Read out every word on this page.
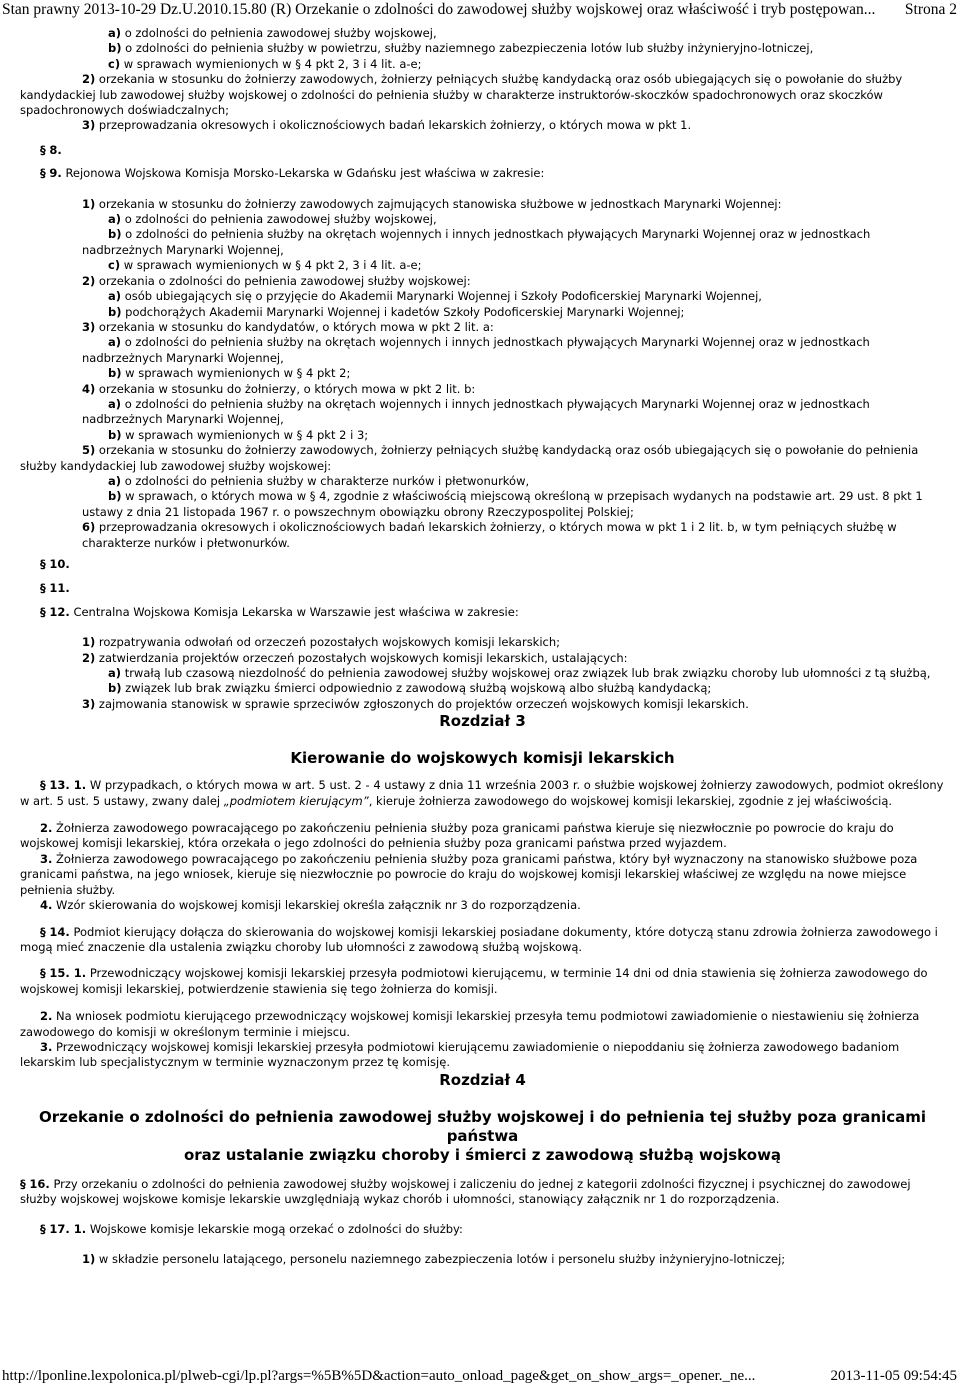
Stan prawny 2013-10-29 Dz.U.2010.15.80 (R) Orzekanie o zdolności do zawodowej służby wojskowej oraz właściwość i tryb postępowan... Strona 2
a) o zdolności do pełnienia zawodowej służby wojskowej,
b) o zdolności do pełnienia służby w powietrzu, służby naziemnego zabezpieczenia lotów lub służby inżynieryjno-lotniczej,
c) w sprawach wymienionych w § 4 pkt 2, 3 i 4 lit. a-e;
2) orzekania w stosunku do żołnierzy zawodowych, żołnierzy pełniących służbę kandydacką oraz osób ubiegających się o powołanie do służby kandydackiej lub zawodowej służby wojskowej o zdolności do pełnienia służby w charakterze instruktorów-skoczków spadochronowych oraz skoczków spadochronowych doświadczalnych;
3) przeprowadzania okresowych i okolicznościowych badań lekarskich żołnierzy, o których mowa w pkt 1.
§ 8.
§ 9. Rejonowa Wojskowa Komisja Morsko-Lekarska w Gdańsku jest właściwa w zakresie:
1) orzekania w stosunku do żołnierzy zawodowych zajmujących stanowiska służbowe w jednostkach Marynarki Wojennej:
a) o zdolności do pełnienia zawodowej służby wojskowej,
b) o zdolności do pełnienia służby na okrętach wojennych i innych jednostkach pływających Marynarki Wojennej oraz w jednostkach nadbrzeżnych Marynarki Wojennej,
c) w sprawach wymienionych w § 4 pkt 2, 3 i 4 lit. a-e;
2) orzekania o zdolności do pełnienia zawodowej służby wojskowej:
a) osób ubiegających się o przyjęcie do Akademii Marynarki Wojennej i Szkoły Podoficerskiej Marynarki Wojennej,
b) podchorążych Akademii Marynarki Wojennej i kadetów Szkoły Podoficerskiej Marynarki Wojennej;
3) orzekania w stosunku do kandydatów, o których mowa w pkt 2 lit. a:
a) o zdolności do pełnienia służby na okrętach wojennych i innych jednostkach pływających Marynarki Wojennej oraz w jednostkach nadbrzeżnych Marynarki Wojennej,
b) w sprawach wymienionych w § 4 pkt 2;
4) orzekania w stosunku do żołnierzy, o których mowa w pkt 2 lit. b:
a) o zdolności do pełnienia służby na okrętach wojennych i innych jednostkach pływających Marynarki Wojennej oraz w jednostkach nadbrzeżnych Marynarki Wojennej,
b) w sprawach wymienionych w § 4 pkt 2 i 3;
5) orzekania w stosunku do żołnierzy zawodowych, żołnierzy pełniących służbę kandydacką oraz osób ubiegających się o powołanie do pełnienia służby kandydackiej lub zawodowej służby wojskowej:
a) o zdolności do pełnienia służby w charakterze nurków i płetwonurków,
b) w sprawach, o których mowa w § 4, zgodnie z właściwością miejscową określoną w przepisach wydanych na podstawie art. 29 ust. 8 pkt 1 ustawy z dnia 21 listopada 1967 r. o powszechnym obowiązku obrony Rzeczypospolitej Polskiej;
6) przeprowadzania okresowych i okolicznościowych badań lekarskich żołnierzy, o których mowa w pkt 1 i 2 lit. b, w tym pełniących służbę w charakterze nurków i płetwonurków.
§ 10.
§ 11.
§ 12. Centralna Wojskowa Komisja Lekarska w Warszawie jest właściwa w zakresie:
1) rozpatrywania odwołań od orzeczeń pozostałych wojskowych komisji lekarskich;
2) zatwierdzania projektów orzeczeń pozostałych wojskowych komisji lekarskich, ustalających:
a) trwałą lub czasową niezdolność do pełnienia zawodowej służby wojskowej oraz związek lub brak związku choroby lub ułomności z tą służbą,
b) związek lub brak związku śmierci odpowiednio z zawodową służbą wojskową albo służbą kandydacką;
3) zajmowania stanowisk w sprawie sprzeciwów zgłoszonych do projektów orzeczeń wojskowych komisji lekarskich.
Rozdział 3
Kierowanie do wojskowych komisji lekarskich
§ 13. 1. W przypadkach, o których mowa w art. 5 ust. 2 - 4 ustawy z dnia 11 września 2003 r. o służbie wojskowej żołnierzy zawodowych, podmiot określony w art. 5 ust. 5 ustawy, zwany dalej „podmiotem kierującym”, kieruje żołnierza zawodowego do wojskowej komisji lekarskiej, zgodnie z jej właściwością.
2. Żołnierza zawodowego powracającego po zakończeniu pełnienia służby poza granicami państwa kieruje się niezwłocznie po powrocie do kraju do wojskowej komisji lekarskiej, która orzekała o jego zdolności do pełnienia służby poza granicami państwa przed wyjazdem.
3. Żołnierza zawodowego powracającego po zakończeniu pełnienia służby poza granicami państwa, który był wyznaczony na stanowisko służbowe poza granicami państwa, na jego wniosek, kieruje się niezwłocznie po powrocie do kraju do wojskowej komisji lekarskiej właściwej ze względu na nowe miejsce pełnienia służby.
4. Wzór skierowania do wojskowej komisji lekarskiej określa załącznik nr 3 do rozporządzenia.
§ 14. Podmiot kierujący dołącza do skierowania do wojskowej komisji lekarskiej posiadane dokumenty, które dotyczą stanu zdrowia żołnierza zawodowego i mogą mieć znaczenie dla ustalenia związku choroby lub ułomności z zawodową służbą wojskową.
§ 15. 1. Przewodniczący wojskowej komisji lekarskiej przesyła podmiotowi kierującemu, w terminie 14 dni od dnia stawienia się żołnierza zawodowego do wojskowej komisji lekarskiej, potwierdzenie stawienia się tego żołnierza do komisji.
2. Na wniosek podmiotu kierującego przewodniczący wojskowej komisji lekarskiej przesyła temu podmiotowi zawiadomienie o niestawieniu się żołnierza zawodowego do komisji w określonym terminie i miejscu.
3. Przewodniczący wojskowej komisji lekarskiej przesyła podmiotowi kierującemu zawiadomienie o niepoddaniu się żołnierza zawodowego badaniom lekarskim lub specjalistycznym w terminie wyznaczonym przez tę komisję.
Rozdział 4
Orzekanie o zdolności do pełnienia zawodowej służby wojskowej i do pełnienia tej służby poza granicami państwa
oraz ustalanie związku choroby i śmierci z zawodową służbą wojskową
§ 16. Przy orzekaniu o zdolności do pełnienia zawodowej służby wojskowej i zaliczeniu do jednej z kategorii zdolności fizycznej i psychicznej do zawodowej służby wojskowej wojskowe komisje lekarskie uwzględniają wykaz chorób i ułomności, stanowiący załącznik nr 1 do rozporządzenia.
§ 17. 1. Wojskowe komisje lekarskie mogą orzekać o zdolności do służby:
1) w składzie personelu latającego, personelu naziemnego zabezpieczenia lotów i personelu służby inżynieryjno-lotniczej;
http://lponline.lexpolonica.pl/plweb-cgi/lp.pl?args=%5B%5D&action=auto_onload_page&get_on_show_args=_opener._ne...	2013-11-05 09:54:45
